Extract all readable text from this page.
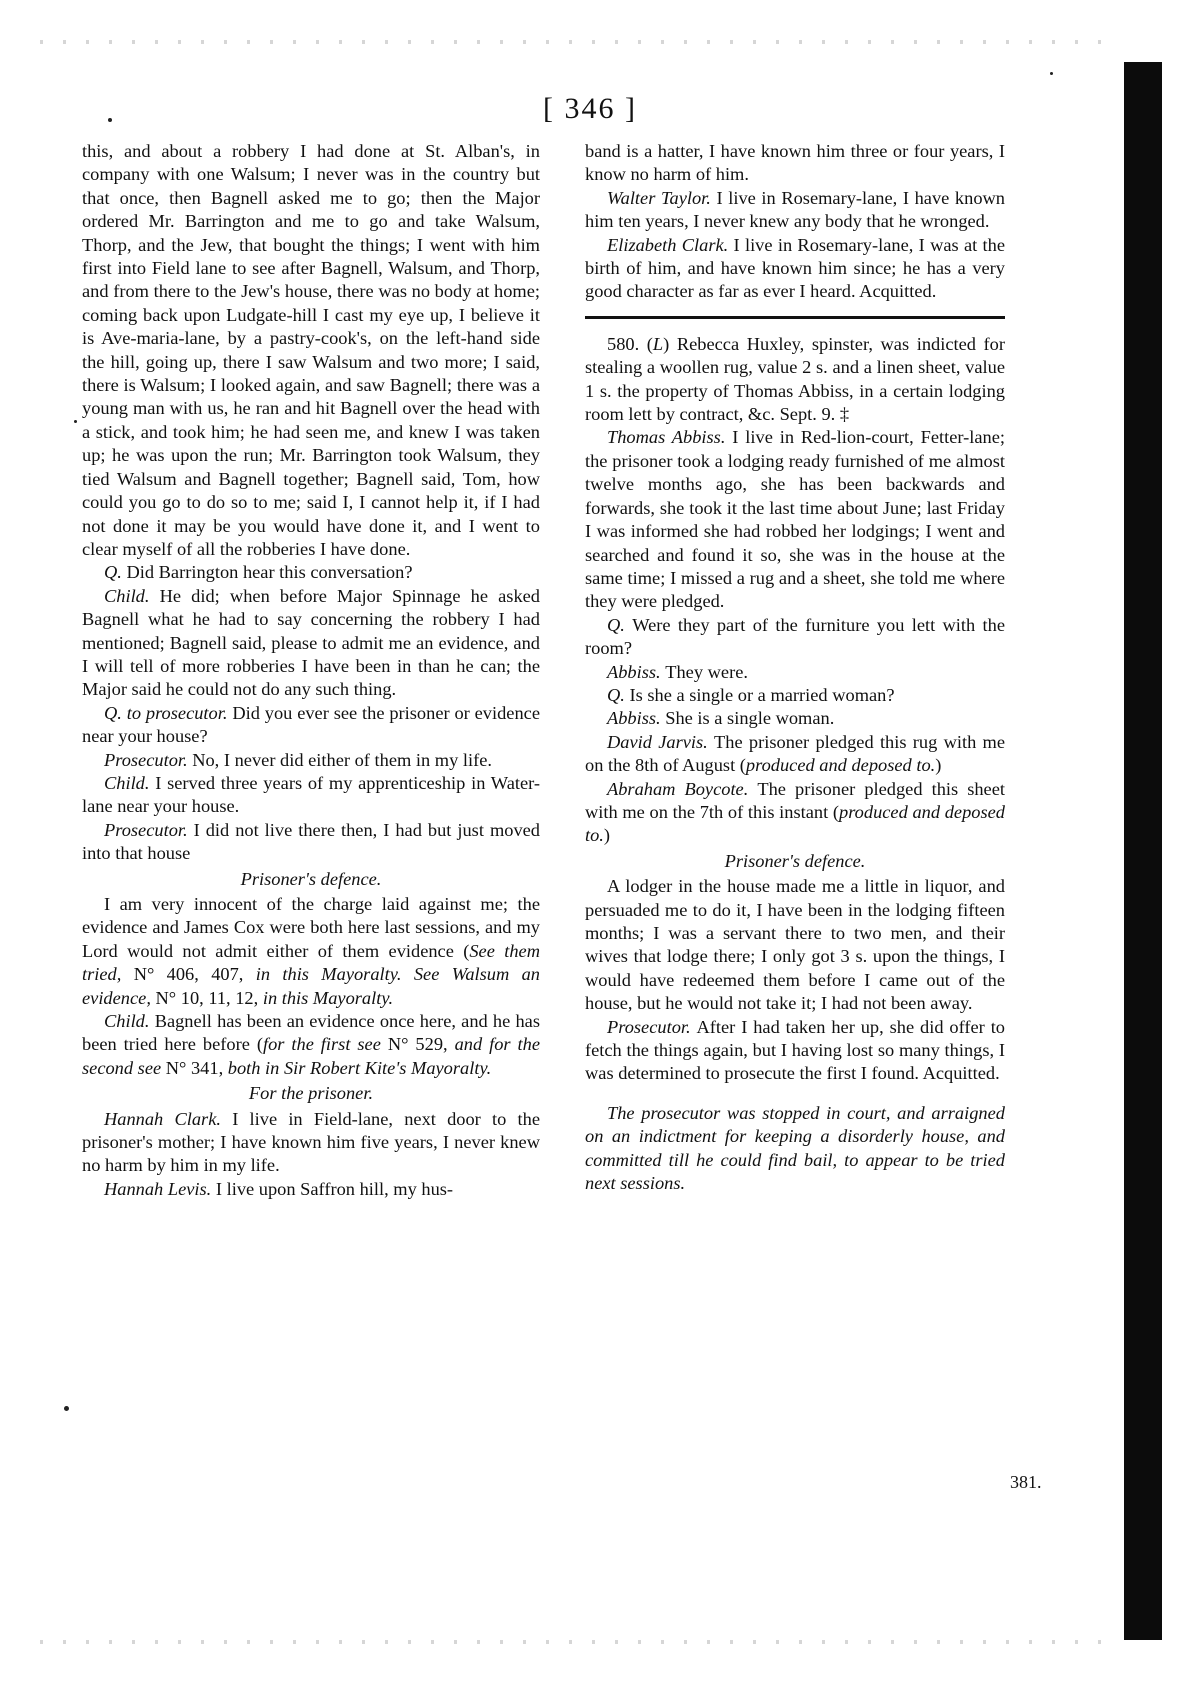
[ 346 ]

this, and about a robbery I had done at St. Alban's, in company with one Walsum; I never was in the country but that once, then Bagnell asked me to go; then the Major ordered Mr. Barrington and me to go and take Walsum, Thorp, and the Jew, that bought the things; I went with him first into Field lane to see after Bagnell, Walsum, and Thorp, and from there to the Jew's house, there was no body at home; coming back upon Ludgate-hill I cast my eye up, I believe it is Ave-maria-lane, by a pastry-cook's, on the left-hand side the hill, going up, there I saw Walsum and two more; I said, there is Walsum; I looked again, and saw Bagnell; there was a young man with us, he ran and hit Bagnell over the head with a stick, and took him; he had seen me, and knew I was taken up; he was upon the run; Mr. Barrington took Walsum, they tied Walsum and Bagnell together; Bagnell said, Tom, how could you go to do so to me; said I, I cannot help it, if I had not done it may be you would have done it, and I went to clear myself of all the robberies I have done.

Q. Did Barrington hear this conversation?

Child. He did; when before Major Spinnage he asked Bagnell what he had to say concerning the robbery I had mentioned; Bagnell said, please to admit me an evidence, and I will tell of more robberies I have been in than he can; the Major said he could not do any such thing.

Q. to prosecutor. Did you ever see the prisoner or evidence near your house?

Prosecutor. No, I never did either of them in my life.

Child. I served three years of my apprenticeship in Water-lane near your house.

Prosecutor. I did not live there then, I had but just moved into that house

Prisoner's defence.

I am very innocent of the charge laid against me; the evidence and James Cox were both here last sessions, and my Lord would not admit either of them evidence (See them tried, N° 406, 407, in this Mayoralty. See Walsum an evidence, N° 10, 11, 12, in this Mayoralty.

Child. Bagnell has been an evidence once here, and he has been tried here before (for the first see N° 529, and for the second see N° 341, both in Sir Robert Kite's Mayoralty.

For the prisoner.

Hannah Clark. I live in Field-lane, next door to the prisoner's mother; I have known him five years, I never knew no harm by him in my life.

Hannah Levis. I live upon Saffron hill, my hus-

band is a hatter, I have known him three or four years, I know no harm of him.

Walter Taylor. I live in Rosemary-lane, I have known him ten years, I never knew any body that he wronged.

Elizabeth Clark. I live in Rosemary-lane, I was at the birth of him, and have known him since; he has a very good character as far as ever I heard. Acquitted.

580. (L) Rebecca Huxley, spinster, was indicted for stealing a woollen rug, value 2 s. and a linen sheet, value 1 s. the property of Thomas Abbiss, in a certain lodging room lett by contract, &c. Sept. 9. ‡

Thomas Abbiss. I live in Red-lion-court, Fetter-lane; the prisoner took a lodging ready furnished of me almost twelve months ago, she has been backwards and forwards, she took it the last time about June; last Friday I was informed she had robbed her lodgings; I went and searched and found it so, she was in the house at the same time; I missed a rug and a sheet, she told me where they were pledged.

Q. Were they part of the furniture you lett with the room?

Abbiss. They were.

Q. Is she a single or a married woman?

Abbiss. She is a single woman.

David Jarvis. The prisoner pledged this rug with me on the 8th of August (produced and deposed to.)

Abraham Boycote. The prisoner pledged this sheet with me on the 7th of this instant (produced and deposed to.)

Prisoner's defence.

A lodger in the house made me a little in liquor, and persuaded me to do it, I have been in the lodging fifteen months; I was a servant there to two men, and their wives that lodge there; I only got 3 s. upon the things, I would have redeemed them before I came out of the house, but he would not take it; I had not been away.

Prosecutor. After I had taken her up, she did offer to fetch the things again, but I having lost so many things, I was determined to prosecute the first I found. Acquitted.

The prosecutor was stopped in court, and arraigned on an indictment for keeping a disorderly house, and committed till he could find bail, to appear to be tried next sessions.

381.
